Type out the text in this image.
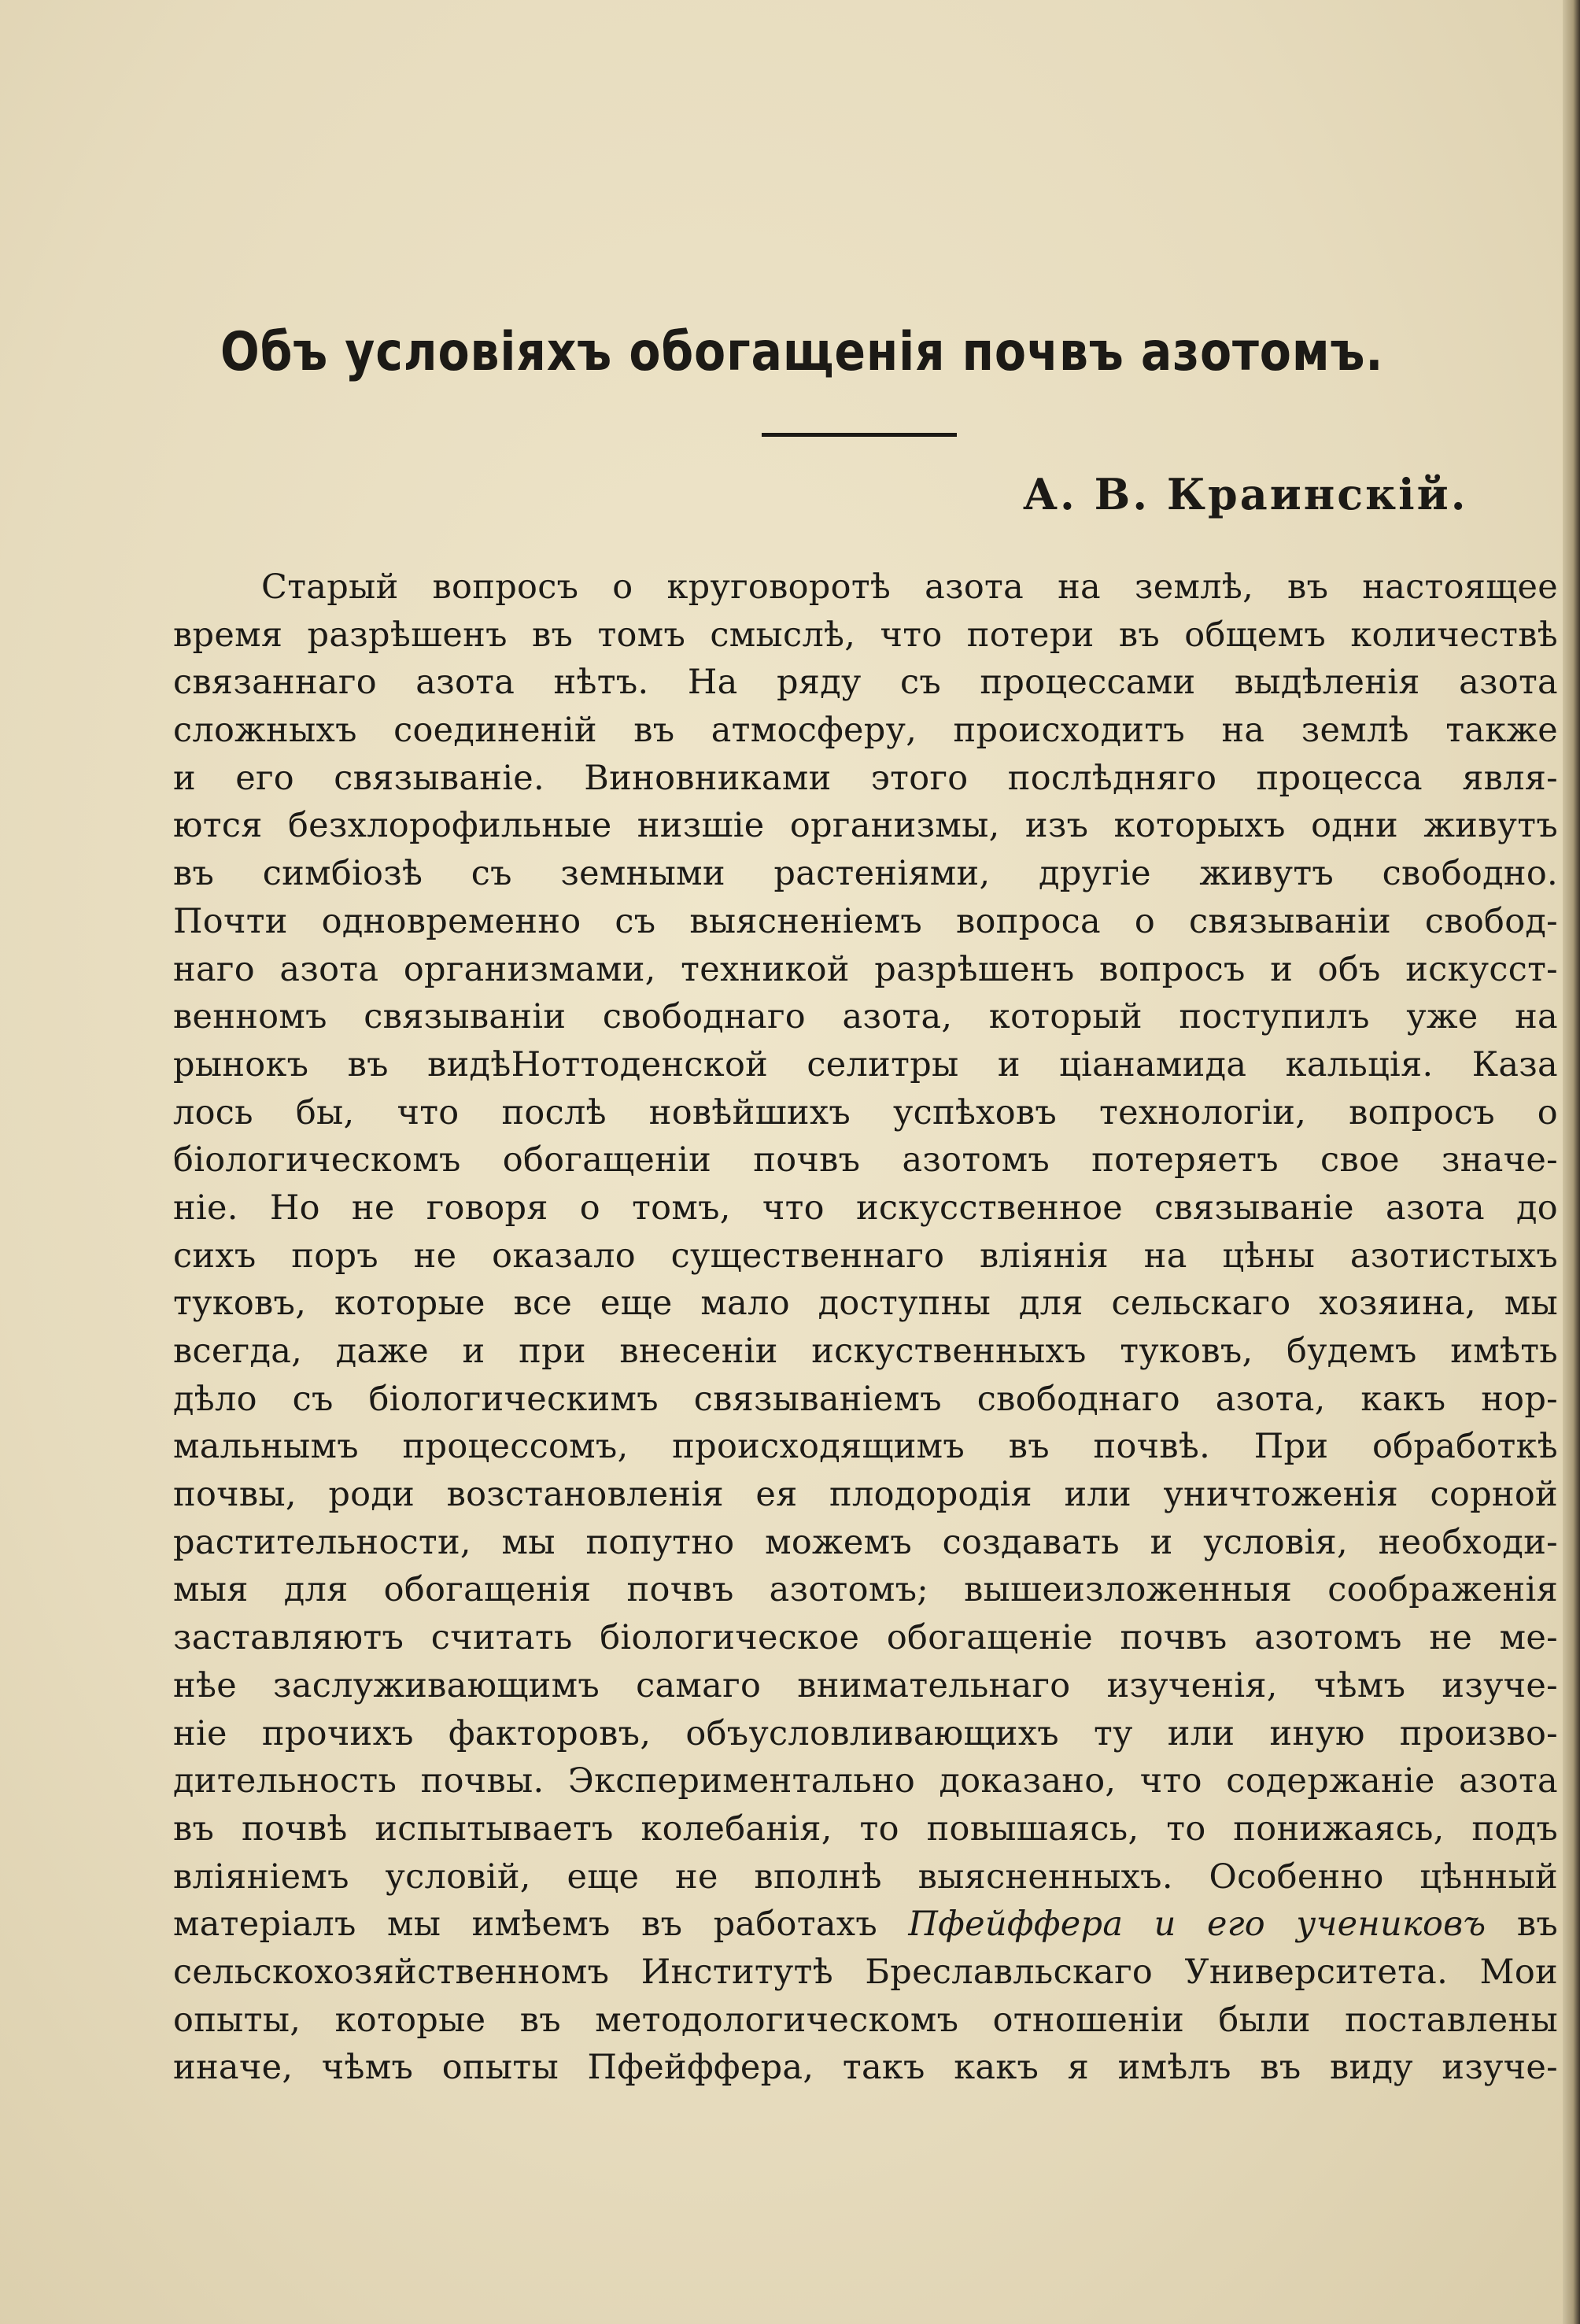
Объ условіяхъ обогащенія почвъ азотомъ.
А. В. Краинскій.
Старый вопросъ о круговоротѣ азота на землѣ, въ настоящее
время разрѣшенъ въ томъ смыслѣ, что потери въ общемъ количествѣ
связаннаго азота нѣтъ. На ряду съ процессами выдѣленія азота
сложныхъ соединеній въ атмосферу, происходитъ на землѣ также
и его связываніе. Виновниками этого послѣдняго процесса явля-
ются безхлорофильные низшіе организмы, изъ которыхъ одни живутъ
въ симбіозѣ съ земными растеніями, другіе живутъ свободно.
Почти одновременно съ выясненіемъ вопроса о связываніи свобод-
наго азота организмами, техникой разрѣшенъ вопросъ и объ искусст-
венномъ связываніи свободнаго азота, который поступилъ уже на
рынокъ въ видѣНоттоденской селитры и ціанамида кальція. Казa
лось бы, что послѣ новѣйшихъ успѣховъ технологіи, вопросъ о
біологическомъ обогащеніи почвъ азотомъ потеряетъ свое значе-
ніе. Но не говоря о томъ, что искусственное связываніе азота до
сихъ поръ не оказало существеннаго вліянія на цѣны азотистыхъ
туковъ, которые все еще мало доступны для сельскаго хозяина, мы
всегда, даже и при внесеніи искуственныхъ туковъ, будемъ имѣть
дѣло съ біологическимъ связываніемъ свободнаго азота, какъ нор-
мальнымъ процессомъ, происходящимъ въ почвѣ. При обработкѣ
почвы, роди возстановленія ея плодородія или уничтоженія сорной
растительности, мы попутно можемъ создавать и условія, необходи-
мыя для обогащенія почвъ азотомъ; вышеизложенныя соображенія
заставляютъ считать біологическое обогащеніе почвъ азотомъ не ме-
нѣе заслуживающимъ самаго внимательнаго изученія, чѣмъ изуче-
ніе прочихъ факторовъ, объусловливающихъ ту или иную произво-
дительность почвы. Экспериментально доказано, что содержаніе азота
въ почвѣ испытываетъ колебанія, то повышаясь, то понижаясь, подъ
вліяніемъ условій, еще не вполнѣ выясненныхъ. Особенно цѣнный
матеріалъ мы имѣемъ въ работахъ Пфейффера и его учениковъ въ
сельскохозяйственномъ Институтѣ Бреславльскаго Университета. Мои
опыты, которые въ методологическомъ отношеніи были поставлены
иначе, чѣмъ опыты Пфейффера, такъ какъ я имѣлъ въ виду изуче-
